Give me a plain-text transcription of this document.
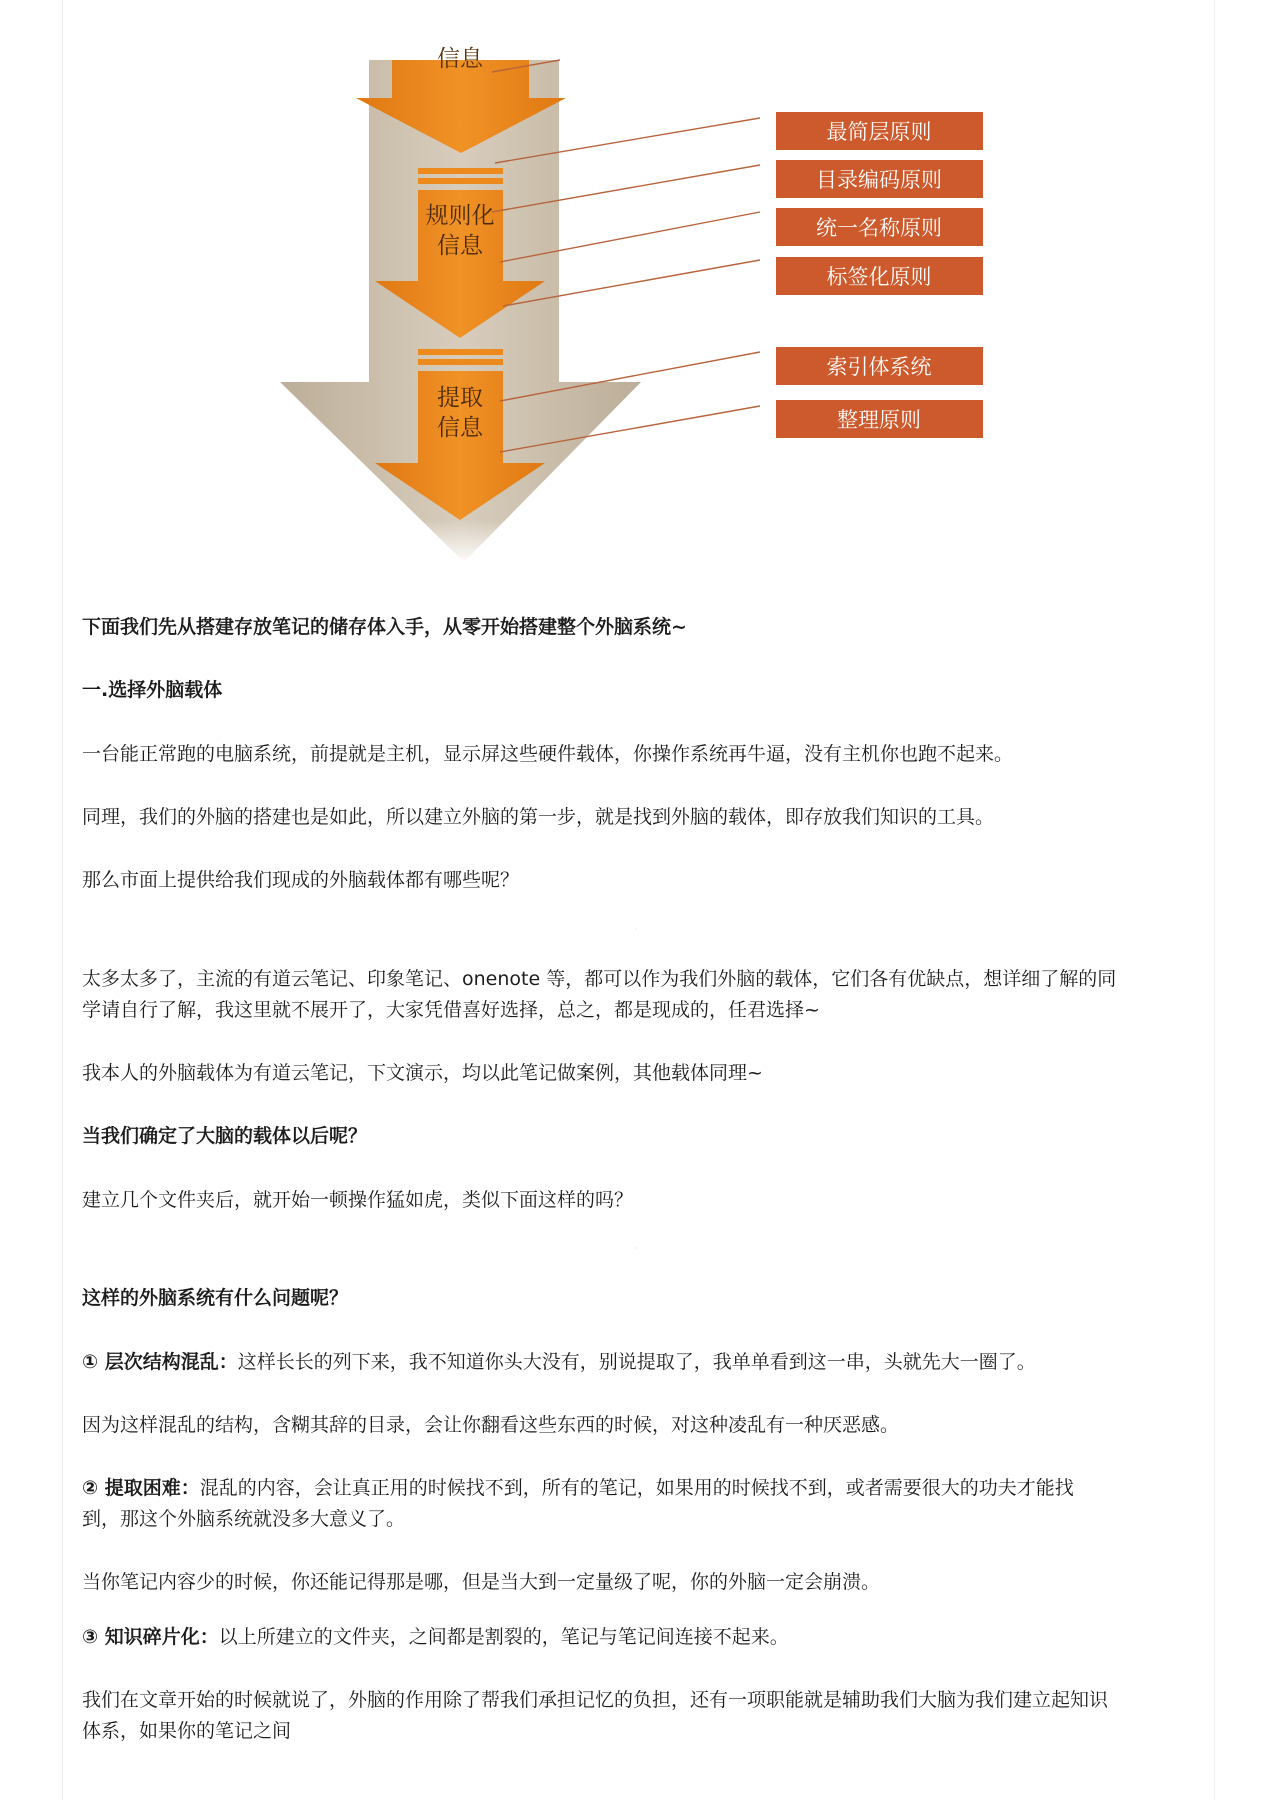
信息
规则化
信息
提取
信息
最简层原则
目录编码原则
统一名称原则
标签化原则
索引体系统
整理原则

下面我们先从搭建存放笔记的储存体入手，从零开始搭建整个外脑系统~

一.选择外脑载体

一台能正常跑的电脑系统，前提就是主机，显示屏这些硬件载体，你操作系统再牛逼，没有主机你也跑不起来。

同理，我们的外脑的搭建也是如此，所以建立外脑的第一步，就是找到外脑的载体，即存放我们知识的工具。

那么市面上提供给我们现成的外脑载体都有哪些呢？

·

太多太多了，主流的有道云笔记、印象笔记、onenote 等，都可以作为我们外脑的载体，它们各有优缺点，想详细了解的同

学请自行了解，我这里就不展开了，大家凭借喜好选择，总之，都是现成的，任君选择~

我本人的外脑载体为有道云笔记，下文演示，均以此笔记做案例，其他载体同理~

当我们确定了大脑的载体以后呢？

建立几个文件夹后，就开始一顿操作猛如虎，类似下面这样的吗？

·

这样的外脑系统有什么问题呢？

① 层次结构混乱：这样长长的列下来，我不知道你头大没有，别说提取了，我单单看到这一串，头就先大一圈了。

因为这样混乱的结构，含糊其辞的目录，会让你翻看这些东西的时候，对这种凌乱有一种厌恶感。

② 提取困难：混乱的内容，会让真正用的时候找不到，所有的笔记，如果用的时候找不到，或者需要很大的功夫才能找

到，那这个外脑系统就没多大意义了。

当你笔记内容少的时候，你还能记得那是哪，但是当大到一定量级了呢，你的外脑一定会崩溃。

③ 知识碎片化：以上所建立的文件夹，之间都是割裂的，笔记与笔记间连接不起来。

我们在文章开始的时候就说了，外脑的作用除了帮我们承担记忆的负担，还有一项职能就是辅助我们大脑为我们建立起知识

体系，如果你的笔记之间
